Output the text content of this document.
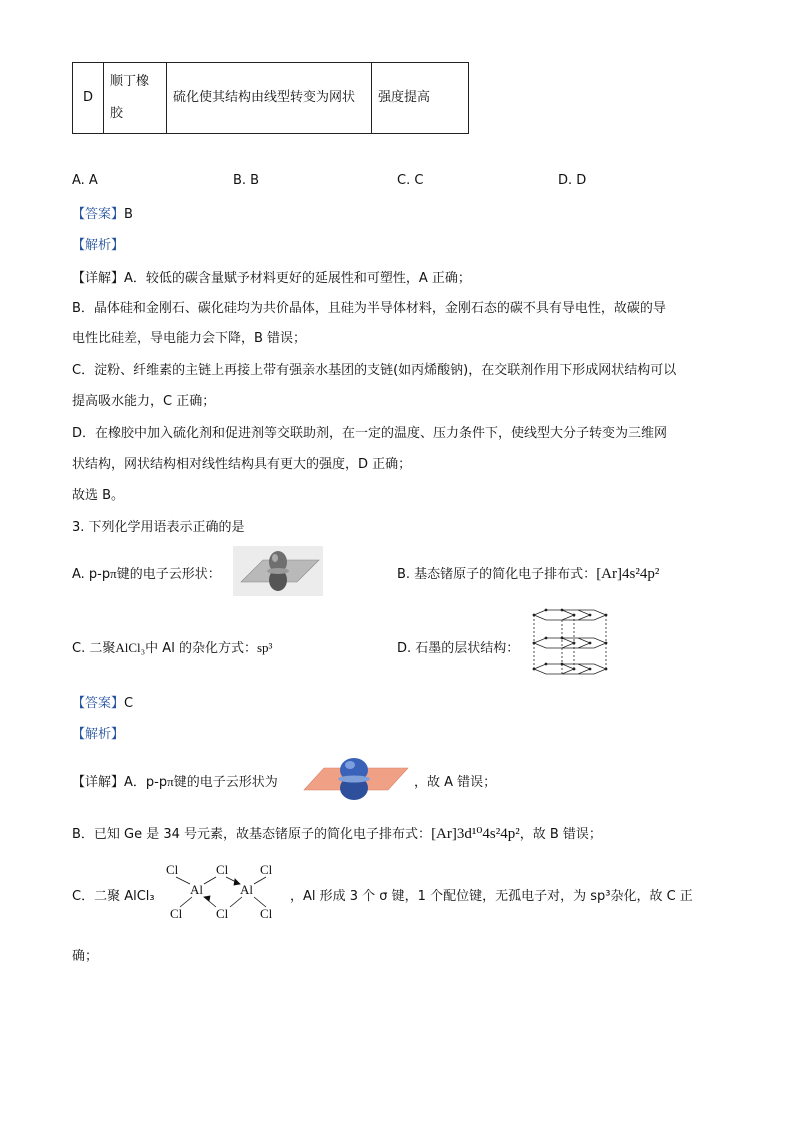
D	顺丁橡胶	硫化使其结构由线型转变为网状	强度提高
A. A	B. B	C. C	D. D
【答案】B
【解析】
【详解】A．较低的碳含量赋予材料更好的延展性和可塑性，A 正确；
B．晶体硅和金刚石、碳化硅均为共价晶体，且硅为半导体材料，金刚石态的碳不具有导电性，故碳的导
电性比硅差，导电能力会下降，B 错误；
C．淀粉、纤维素的主链上再接上带有强亲水基团的支链(如丙烯酸钠)，在交联剂作用下形成网状结构可以
提高吸水能力，C 正确；
D．在橡胶中加入硫化剂和促进剂等交联助剂，在一定的温度、压力条件下，使线型大分子转变为三维网
状结构，网状结构相对线性结构具有更大的强度，D 正确；
故选 B。
3. 下列化学用语表示正确的是
A. p-pπ键的电子云形状：	B. 基态锗原子的简化电子排布式：[Ar]4s²4p²
C. 二聚AlCl₃中 Al 的杂化方式：sp³	D. 石墨的层状结构：
【答案】C
【解析】
【详解】A．p-pπ键的电子云形状为	，故 A 错误；
B．已知 Ge 是 34 号元素，故基态锗原子的简化电子排布式：[Ar]3d¹⁰4s²4p²，故 B 错误；
C．二聚 AlCl₃
Cl	Cl Cl
Al	Al
Cl	Cl Cl
，Al 形成 3 个 σ 键，1 个配位键，无孤电子对，为 sp³杂化，故 C 正
确；
